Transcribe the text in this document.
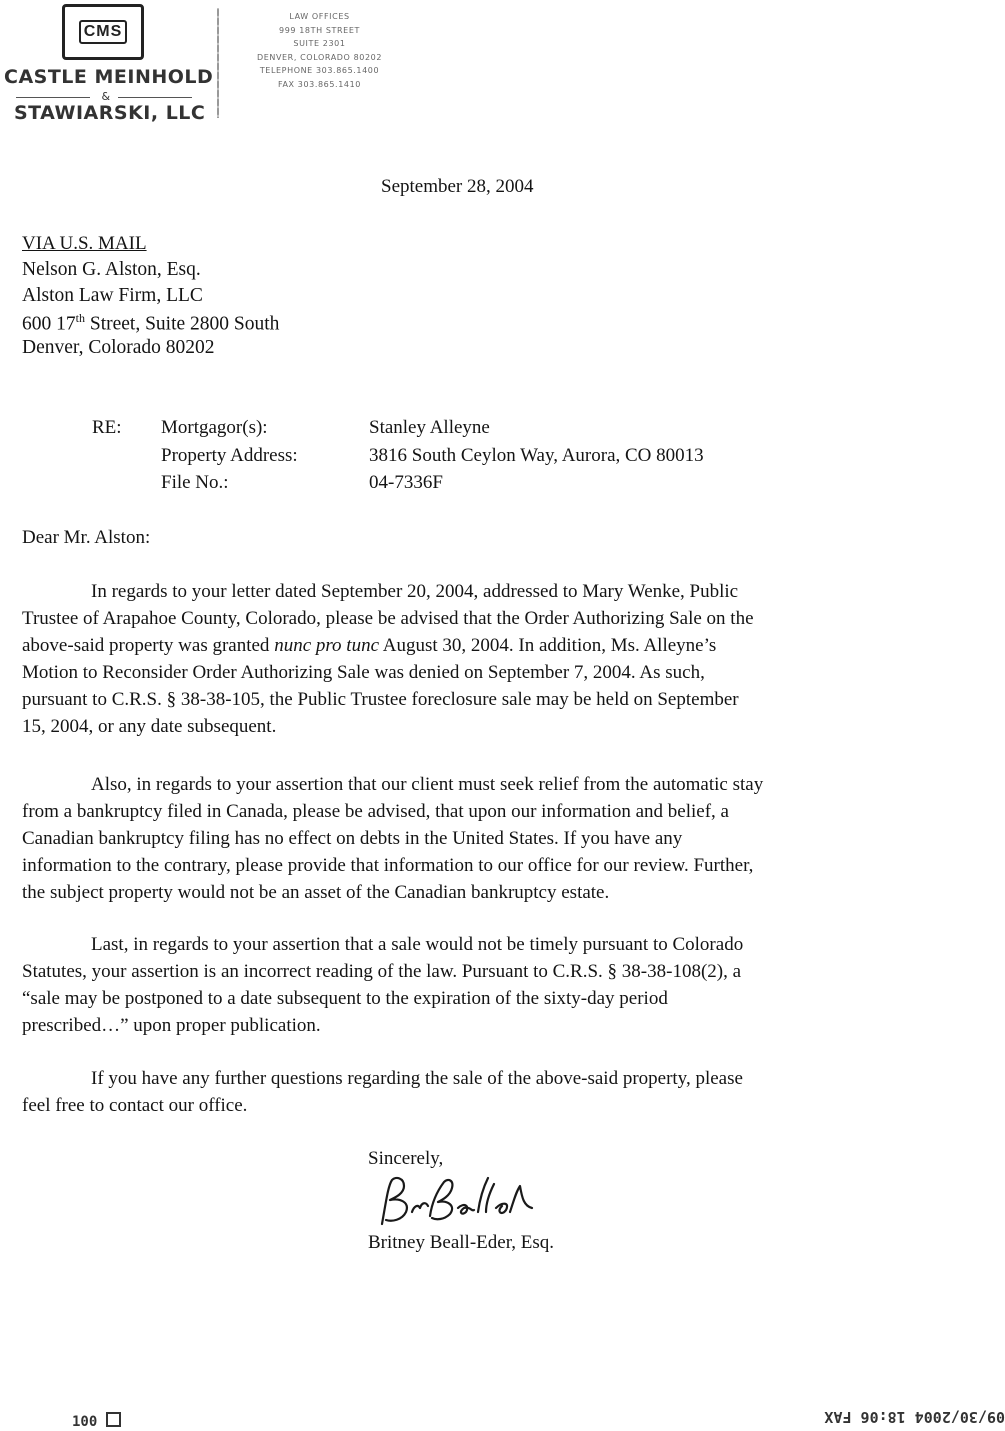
CMS
CASTLE MEINHOLD
&
STAWIARSKI, LLC
LAW OFFICES
999 18TH STREET
SUITE 2301
DENVER, COLORADO 80202
TELEPHONE 303.865.1400
FAX 303.865.1410
September 28, 2004
VIA U.S. MAIL
Nelson G. Alston, Esq.
Alston Law Firm, LLC
600 17th Street, Suite 2800 South
Denver, Colorado 80202
RE: Mortgagor(s):	Stanley Alleyne
Property Address:	3816 South Ceylon Way, Aurora, CO 80013
File No.:	04-7336F
Dear Mr. Alston:
In regards to your letter dated September 20, 2004, addressed to Mary Wenke, Public
Trustee of Arapahoe County, Colorado, please be advised that the Order Authorizing Sale on the
above-said property was granted nunc pro tunc August 30, 2004. In addition, Ms. Alleyne’s
Motion to Reconsider Order Authorizing Sale was denied on September 7, 2004. As such,
pursuant to C.R.S. § 38-38-105, the Public Trustee foreclosure sale may be held on September
15, 2004, or any date subsequent.
Also, in regards to your assertion that our client must seek relief from the automatic stay
from a bankruptcy filed in Canada, please be advised, that upon our information and belief, a
Canadian bankruptcy filing has no effect on debts in the United States. If you have any
information to the contrary, please provide that information to our office for our review. Further,
the subject property would not be an asset of the Canadian bankruptcy estate.
Last, in regards to your assertion that a sale would not be timely pursuant to Colorado
Statutes, your assertion is an incorrect reading of the law. Pursuant to C.R.S. § 38-38-108(2), a
“sale may be postponed to a date subsequent to the expiration of the sixty-day period
prescribed…” upon proper publication.
If you have any further questions regarding the sale of the above-said property, please
feel free to contact our office.
Sincerely,
Britney Beall-Eder, Esq.
100	09/30/2004 18:06 FAX
